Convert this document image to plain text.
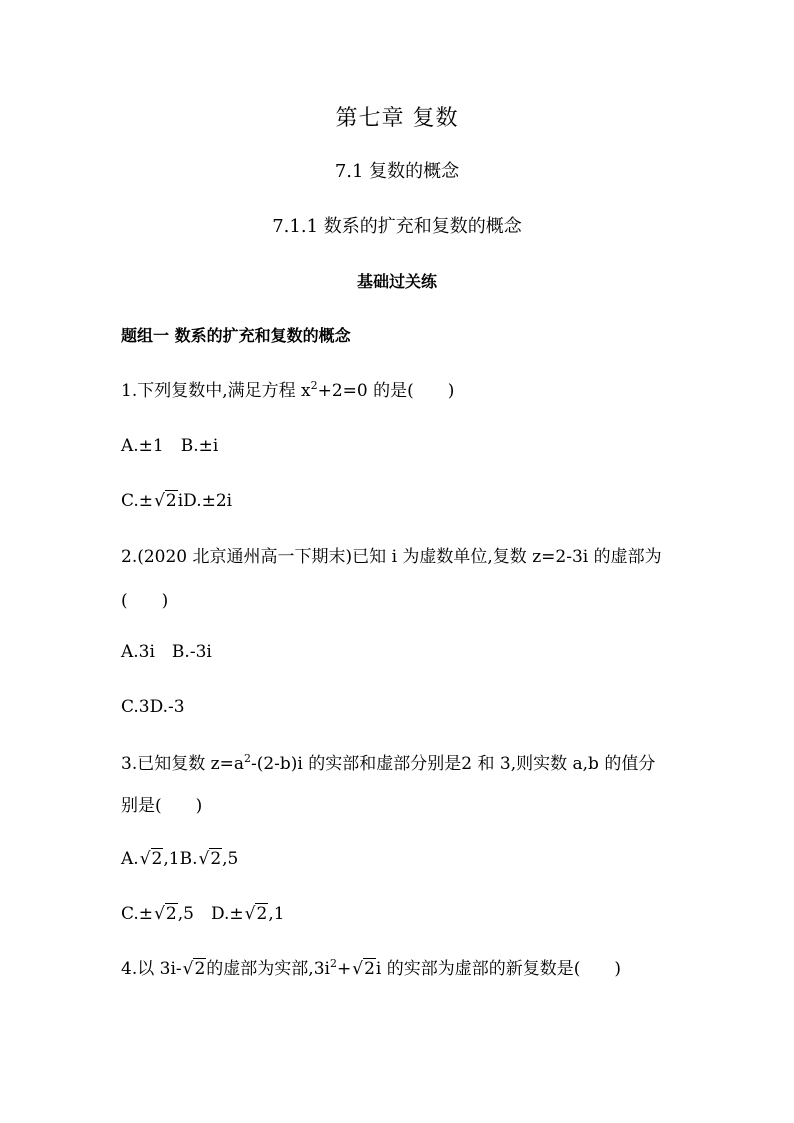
第七章 复数
7.1 复数的概念
7.1.1 数系的扩充和复数的概念
基础过关练
题组一 数系的扩充和复数的概念
1.下列复数中,满足方程 $x^2+2=0$ 的是(　　)
A.±1　B.±i
C.±√2iD.±2i
2.(2020 北京通州高一下期末)已知 i 为虚数单位,复数 z=2-3i 的虚部为
(　　)
A.3i　B.-3i
C.3D.-3
3.已知复数 $z=a^2-(2-b)i$ 的实部和虚部分别是2 和 3,则实数 a,b 的值分
别是(　　)
A.√2,1B.√2,5
C.±√2,5　D.±√2,1
4.以 3i-√2的虚部为实部$,3i^2+√2i$ 的实部为虚部的新复数是(　　)
